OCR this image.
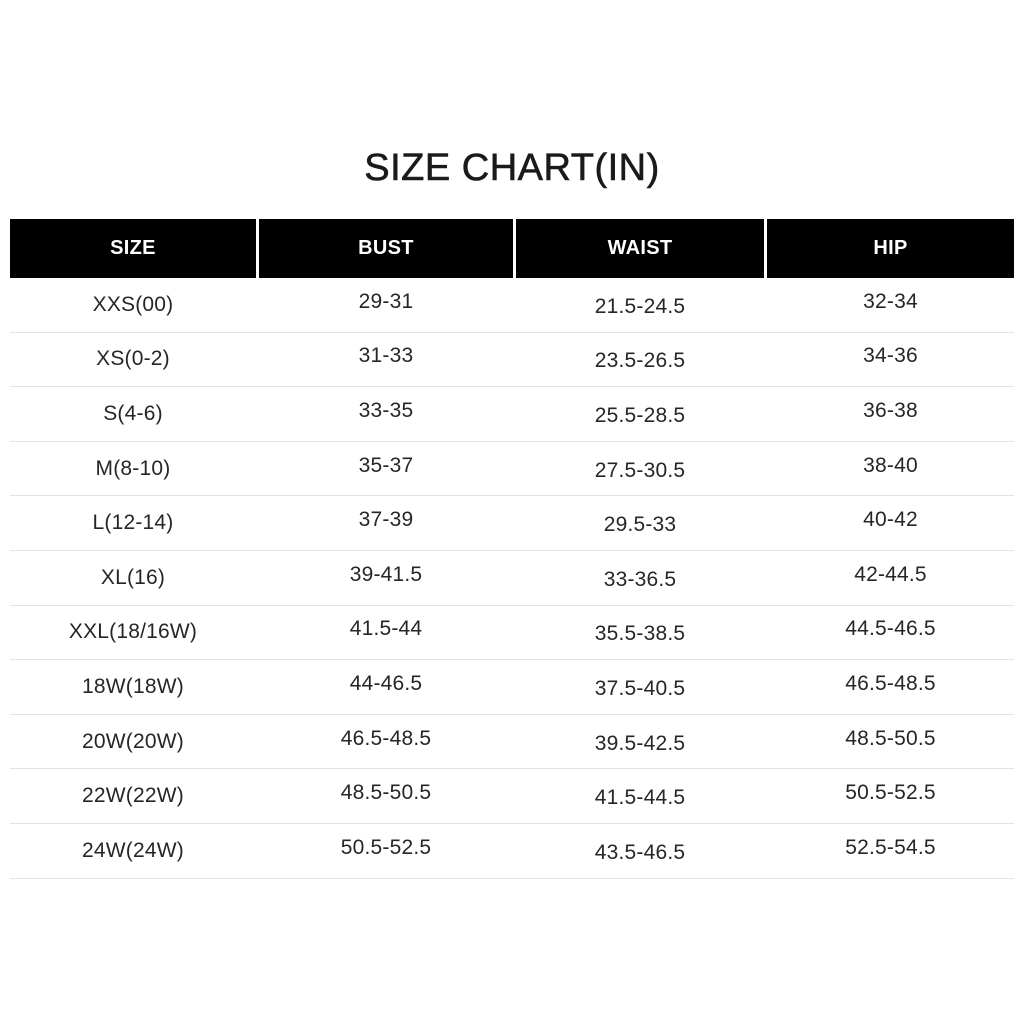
SIZE CHART(IN)
SIZE	BUST	WAIST	HIP
XXS(00)	29-31	21.5-24.5	32-34
XS(0-2)	31-33	23.5-26.5	34-36
S(4-6)	33-35	25.5-28.5	36-38
M(8-10)	35-37	27.5-30.5	38-40
L(12-14)	37-39	29.5-33	40-42
XL(16)	39-41.5	33-36.5	42-44.5
XXL(18/16W)	41.5-44	35.5-38.5	44.5-46.5
18W(18W)	44-46.5	37.5-40.5	46.5-48.5
20W(20W)	46.5-48.5	39.5-42.5	48.5-50.5
22W(22W)	48.5-50.5	41.5-44.5	50.5-52.5
24W(24W)	50.5-52.5	43.5-46.5	52.5-54.5
